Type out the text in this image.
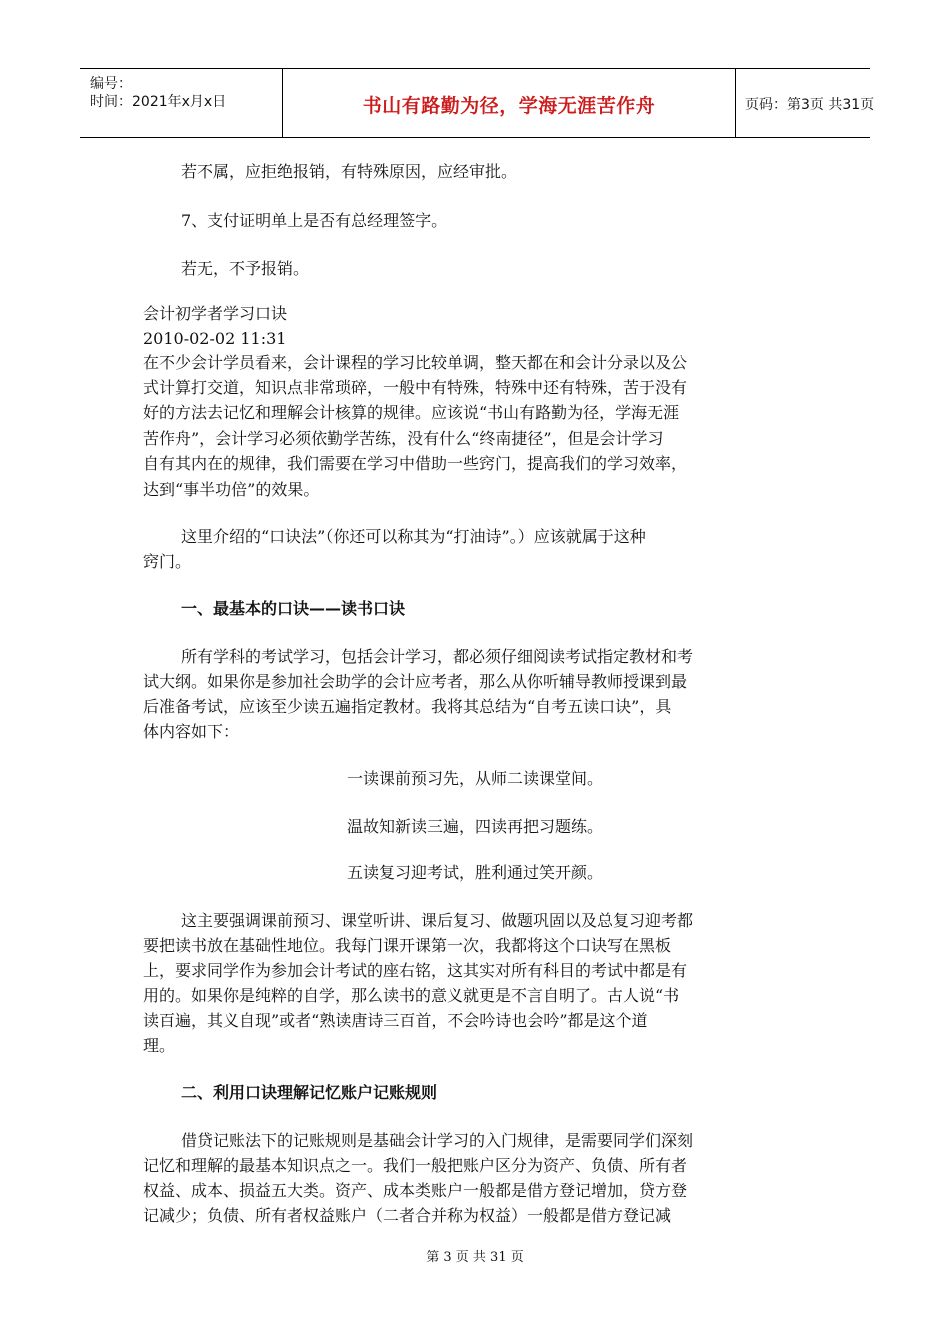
编号：
时间：2021年x月x日	书山有路勤为径，学海无涯苦作舟	页码：第3页 共31页
若不属，应拒绝报销，有特殊原因，应经审批。
7、支付证明单上是否有总经理签字。
若无，不予报销。
会计初学者学习口诀
2010-02-02 11:31
在不少会计学员看来，会计课程的学习比较单调，整天都在和会计分录以及公
式计算打交道，知识点非常琐碎，一般中有特殊，特殊中还有特殊，苦于没有
好的方法去记忆和理解会计核算的规律。应该说“书山有路勤为径，学海无涯
苦作舟”，会计学习必须依勤学苦练，没有什么“终南捷径”，但是会计学习
自有其内在的规律，我们需要在学习中借助一些窍门，提高我们的学习效率，
达到“事半功倍”的效果。
这里介绍的“口诀法”（你还可以称其为“打油诗”。）应该就属于这种
窍门。
一、最基本的口诀——读书口诀
所有学科的考试学习，包括会计学习，都必须仔细阅读考试指定教材和考
试大纲。如果你是参加社会助学的会计应考者，那么从你听辅导教师授课到最
后准备考试，应该至少读五遍指定教材。我将其总结为“自考五读口诀”，具
体内容如下：
一读课前预习先，从师二读课堂间。
温故知新读三遍，四读再把习题练。
五读复习迎考试，胜利通过笑开颜。
这主要强调课前预习、课堂听讲、课后复习、做题巩固以及总复习迎考都
要把读书放在基础性地位。我每门课开课第一次，我都将这个口诀写在黑板
上，要求同学作为参加会计考试的座右铭，这其实对所有科目的考试中都是有
用的。如果你是纯粹的自学，那么读书的意义就更是不言自明了。古人说“书
读百遍，其义自现”或者“熟读唐诗三百首，不会吟诗也会吟”都是这个道
理。
二、利用口诀理解记忆账户记账规则
借贷记账法下的记账规则是基础会计学习的入门规律，是需要同学们深刻
记忆和理解的最基本知识点之一。我们一般把账户区分为资产、负债、所有者
权益、成本、损益五大类。资产、成本类账户一般都是借方登记增加，贷方登
记减少；负债、所有者权益账户（二者合并称为权益）一般都是借方登记减
第 3 页 共 31 页
